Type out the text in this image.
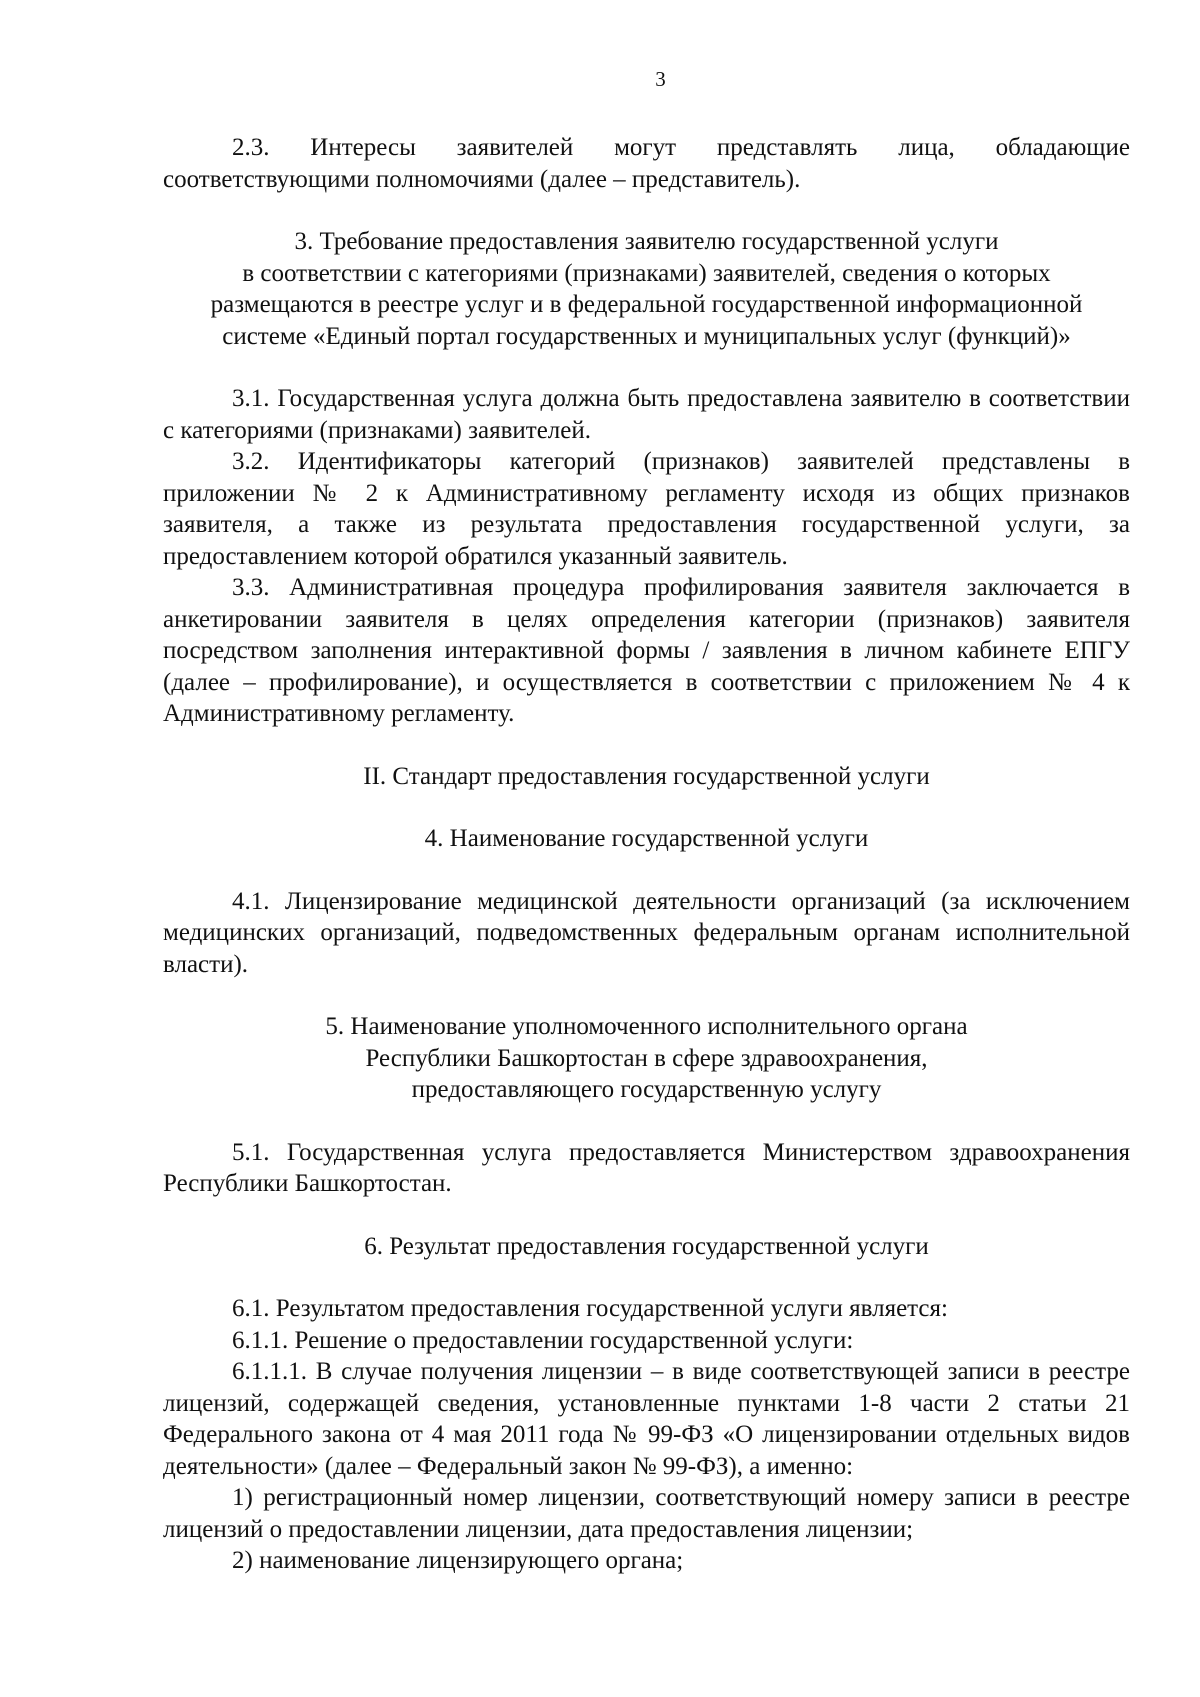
3

2.3. Интересы заявителей могут представлять лица, обладающие соответствующими полномочиями (далее – представитель).

3. Требование предоставления заявителю государственной услуги
в соответствии с категориями (признаками) заявителей, сведения о которых
размещаются в реестре услуг и в федеральной государственной информационной
системе «Единый портал государственных и муниципальных услуг (функций)»

3.1. Государственная услуга должна быть предоставлена заявителю в соответствии с категориями (признаками) заявителей.

3.2. Идентификаторы категорий (признаков) заявителей представлены в приложении № 2 к Административному регламенту исходя из общих признаков заявителя, а также из результата предоставления государственной услуги, за предоставлением которой обратился указанный заявитель.

3.3. Административная процедура профилирования заявителя заключается в анкетировании заявителя в целях определения категории (признаков) заявителя посредством заполнения интерактивной формы / заявления в личном кабинете ЕПГУ (далее – профилирование), и осуществляется в соответствии с приложением № 4 к Административному регламенту.

II. Стандарт предоставления государственной услуги
4. Наименование государственной услуги

4.1. Лицензирование медицинской деятельности организаций (за исключением медицинских организаций, подведомственных федеральным органам исполнительной власти).

5. Наименование уполномоченного исполнительного органа
Республики Башкортостан в сфере здравоохранения,
предоставляющего государственную услугу

5.1. Государственная услуга предоставляется Министерством здравоохранения Республики Башкортостан.

6. Результат предоставления государственной услуги

6.1. Результатом предоставления государственной услуги является:

6.1.1. Решение о предоставлении государственной услуги:

6.1.1.1. В случае получения лицензии – в виде соответствующей записи в реестре лицензий, содержащей сведения, установленные пунктами 1-8 части 2 статьи 21 Федерального закона от 4 мая 2011 года № 99-ФЗ «О лицензировании отдельных видов деятельности» (далее – Федеральный закон № 99-ФЗ), а именно:

1) регистрационный номер лицензии, соответствующий номеру записи в реестре лицензий о предоставлении лицензии, дата предоставления лицензии;

2) наименование лицензирующего органа;
